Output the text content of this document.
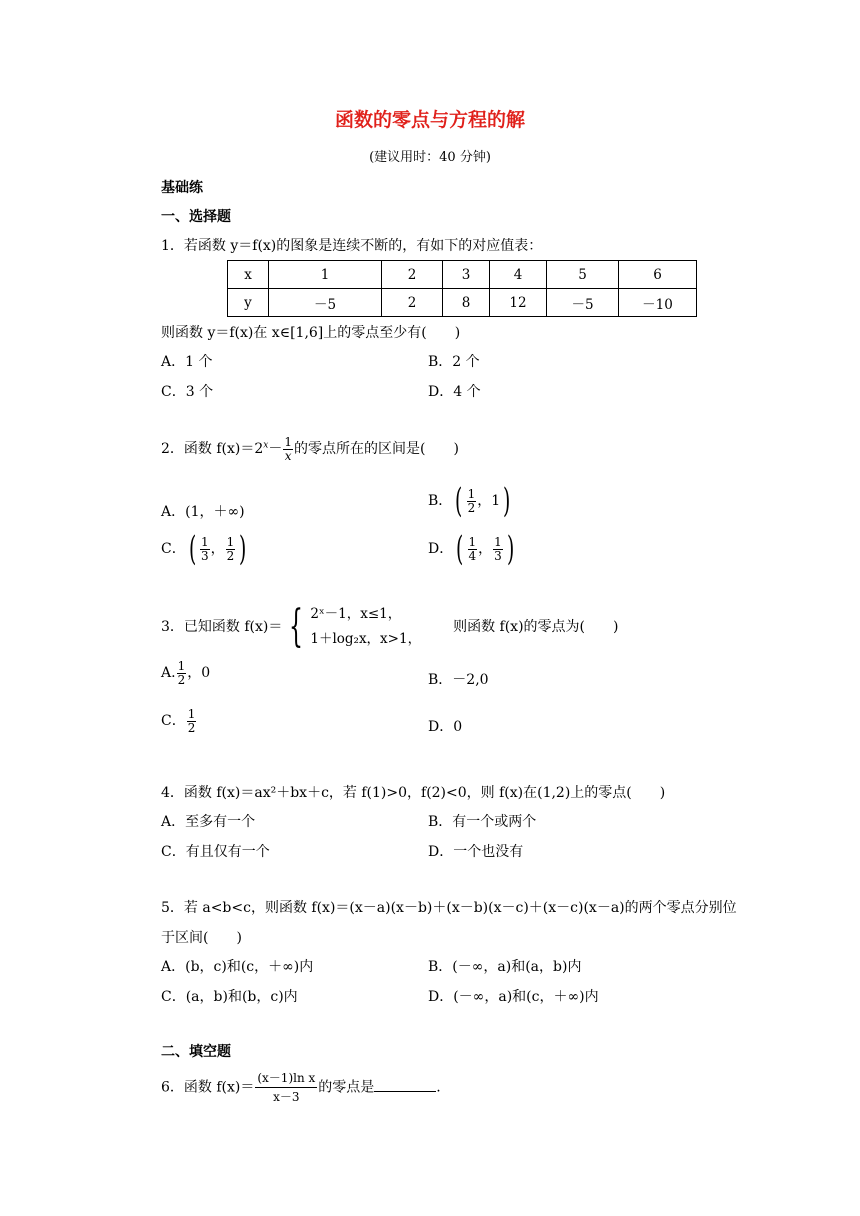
函数的零点与方程的解
(建议用时：40 分钟)
基础练
一、选择题
1．若函数 y＝f(x)的图象是连续不断的，有如下的对应值表：
x	1	2	3	4	5	6
y	－5	2	8	12	－5	－10
则函数 y＝f(x)在 x∈[1,6]上的零点至少有(　　)
A．1 个	B．2 个
C．3 个	D．4 个
2．函数 $f(x)=2^x- \frac{1}{x}$ 的零点所在的区间是(　　)
A．(1，＋∞)
B．( $\frac{1}{2}$ ，1)
C．( $\frac{1}{3}$ ， $\frac{1}{2}$ )	D．( $\frac{1}{4}$ ， $\frac{1}{3}$ )
3．已知函数 f(x)＝ { 2ˣ－1，x≤1，
1＋log₂x，x>1，
则函数 f(x)的零点为(　　)
A. $\frac{1}{2}$ ，0	B．－2,0
C． $\frac{1}{2}$	D．0
4．函数 f(x)＝ax²＋bx＋c，若 f(1)>0，f(2)<0，则 f(x)在(1,2)上的零点(　　)
A．至多有一个	B．有一个或两个
C．有且仅有一个	D．一个也没有
5．若 a<b<c，则函数 f(x)＝(x－a)(x－b)＋(x－b)(x－c)＋(x－c)(x－a)的两个零点分别位
于区间(　　)
A．(b，c)和(c，＋∞)内	B．(－∞，a)和(a，b)内
C．(a，b)和(b，c)内	D．(－∞，a)和(c，＋∞)内
二、填空题
6．函数 $f(x)= \frac{\text{(x－1)ln x}}{x-3}$ 的零点是	.
